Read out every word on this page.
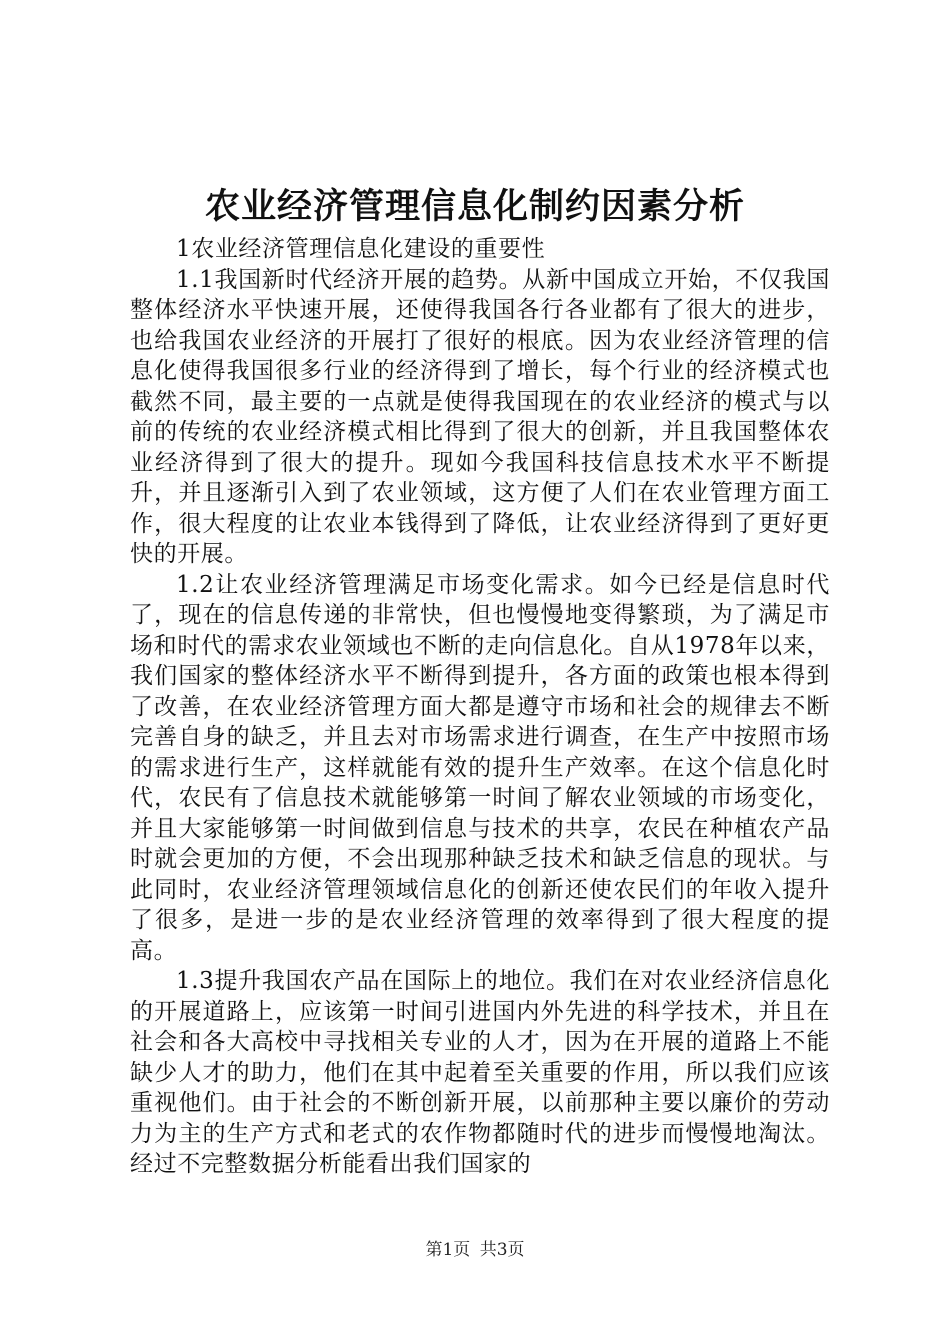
农业经济管理信息化制约因素分析

1农业经济管理信息化建设的重要性

1.1我国新时代经济开展的趋势。从新中国成立开始，不仅我国整体经济水平快速开展，还使得我国各行各业都有了很大的进步，也给我国农业经济的开展打了很好的根底。因为农业经济管理的信息化使得我国很多行业的经济得到了增长，每个行业的经济模式也截然不同，最主要的一点就是使得我国现在的农业经济的模式与以前的传统的农业经济模式相比得到了很大的创新，并且我国整体农业经济得到了很大的提升。现如今我国科技信息技术水平不断提升，并且逐渐引入到了农业领域，这方便了人们在农业管理方面工作，很大程度的让农业本钱得到了降低，让农业经济得到了更好更快的开展。

1.2让农业经济管理满足市场变化需求。如今已经是信息时代了，现在的信息传递的非常快，但也慢慢地变得繁琐，为了满足市场和时代的需求农业领域也不断的走向信息化。自从1978年以来，我们国家的整体经济水平不断得到提升，各方面的政策也根本得到了改善，在农业经济管理方面大都是遵守市场和社会的规律去不断完善自身的缺乏，并且去对市场需求进行调查，在生产中按照市场的需求进行生产，这样就能有效的提升生产效率。在这个信息化时代，农民有了信息技术就能够第一时间了解农业领域的市场变化，并且大家能够第一时间做到信息与技术的共享，农民在种植农产品时就会更加的方便，不会出现那种缺乏技术和缺乏信息的现状。与此同时，农业经济管理领域信息化的创新还使农民们的年收入提升了很多，是进一步的是农业经济管理的效率得到了很大程度的提高。

1.3提升我国农产品在国际上的地位。我们在对农业经济信息化的开展道路上，应该第一时间引进国内外先进的科学技术，并且在社会和各大高校中寻找相关专业的人才，因为在开展的道路上不能缺少人才的助力，他们在其中起着至关重要的作用，所以我们应该重视他们。由于社会的不断创新开展，以前那种主要以廉价的劳动力为主的生产方式和老式的农作物都随时代的进步而慢慢地淘汰。经过不完整数据分析能看出我们国家的

第1页 共3页
